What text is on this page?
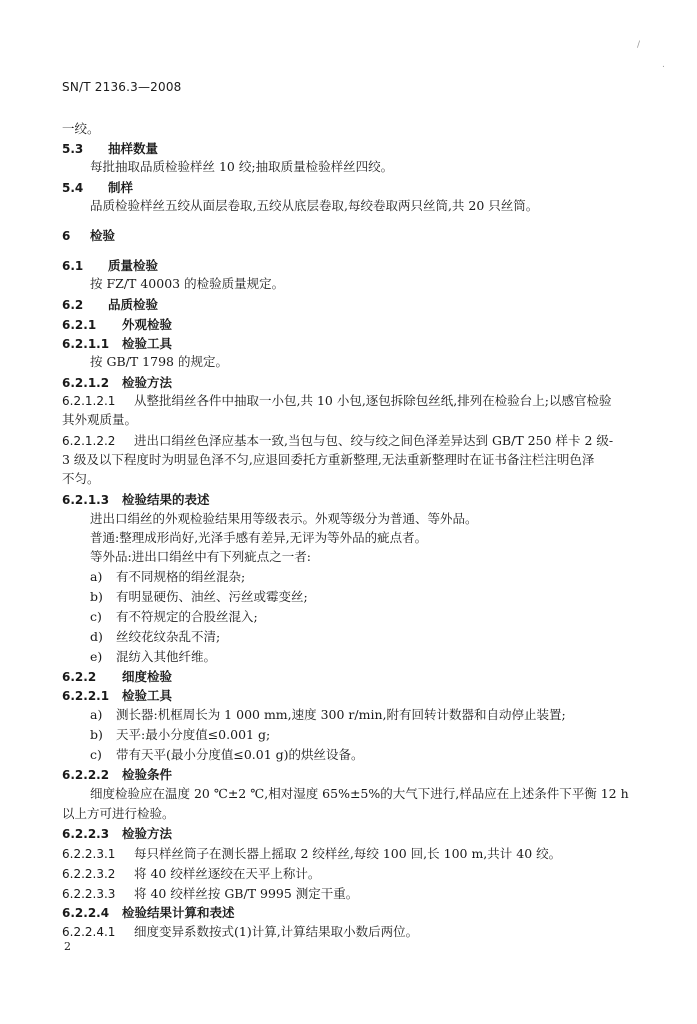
/
.
SN/T 2136.3—2008
一绞。
5.3 抽样数量
每批抽取品质检验样丝 10 绞;抽取质量检验样丝四绞。
5.4 制样
品质检验样丝五绞从面层卷取,五绞从底层卷取,每绞卷取两只丝筒,共 20 只丝筒。
6 检验
6.1 质量检验
按 FZ/T 40003 的检验质量规定。
6.2 品质检验
6.2.1 外观检验
6.2.1.1 检验工具
按 GB/T 1798 的规定。
6.2.1.2 检验方法
6.2.1.2.1 从整批绢丝各件中抽取一小包,共 10 小包,逐包拆除包丝纸,排列在检验台上;以感官检验
其外观质量。
6.2.1.2.2 进出口绢丝色泽应基本一致,当包与包、绞与绞之间色泽差异达到 GB/T 250 样卡 2 级-
3 级及以下程度时为明显色泽不匀,应退回委托方重新整理,无法重新整理时在证书备注栏注明色泽
不匀。
6.2.1.3 检验结果的表述
进出口绢丝的外观检验结果用等级表示。外观等级分为普通、等外品。
普通:整理成形尚好,光泽手感有差异,无评为等外品的疵点者。
等外品:进出口绢丝中有下列疵点之一者:
a) 有不同规格的绢丝混杂;
b) 有明显硬伤、油丝、污丝或霉变丝;
c) 有不符规定的合股丝混入;
d) 丝绞花纹杂乱不清;
e) 混纺入其他纤维。
6.2.2 细度检验
6.2.2.1 检验工具
a) 测长器:机框周长为 1 000 mm,速度 300 r/min,附有回转计数器和自动停止装置;
b) 天平:最小分度值≤0.001 g;
c) 带有天平(最小分度值≤0.01 g)的烘丝设备。
6.2.2.2 检验条件
细度检验应在温度 20 ℃±2 ℃,相对湿度 65%±5%的大气下进行,样品应在上述条件下平衡 12 h
以上方可进行检验。
6.2.2.3 检验方法
6.2.2.3.1 每只样丝筒子在测长器上摇取 2 绞样丝,每绞 100 回,长 100 m,共计 40 绞。
6.2.2.3.2 将 40 绞样丝逐绞在天平上称计。
6.2.2.3.3 将 40 绞样丝按 GB/T 9995 测定干重。
6.2.2.4 检验结果计算和表述
6.2.2.4.1 细度变异系数按式(1)计算,计算结果取小数后两位。
2
